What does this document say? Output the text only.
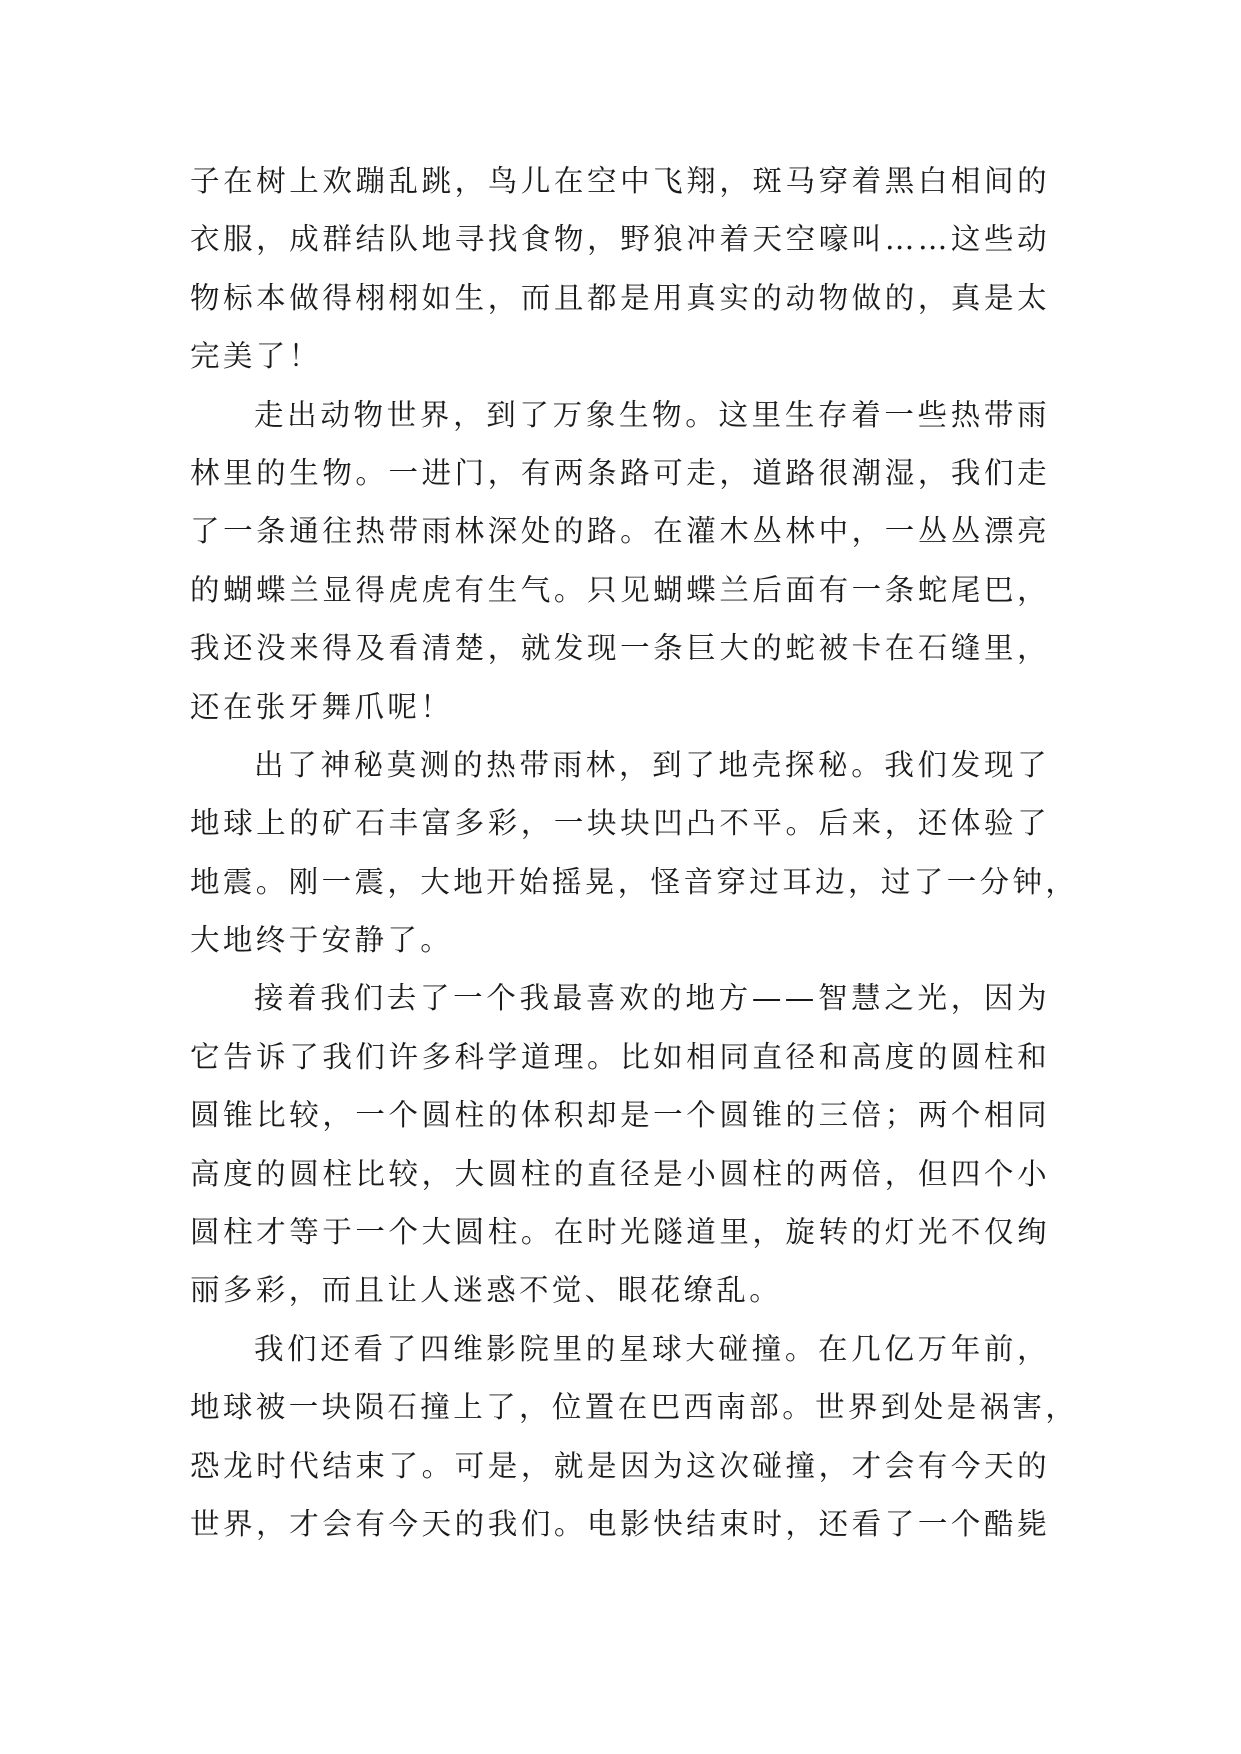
子在树上欢蹦乱跳，鸟儿在空中飞翔，斑马穿着黑白相间的
衣服，成群结队地寻找食物，野狼冲着天空嚎叫……这些动
物标本做得栩栩如生，而且都是用真实的动物做的，真是太
完美了！
走出动物世界，到了万象生物。这里生存着一些热带雨
林里的生物。一进门，有两条路可走，道路很潮湿，我们走
了一条通往热带雨林深处的路。在灌木丛林中，一丛丛漂亮
的蝴蝶兰显得虎虎有生气。只见蝴蝶兰后面有一条蛇尾巴，
我还没来得及看清楚，就发现一条巨大的蛇被卡在石缝里，
还在张牙舞爪呢！
出了神秘莫测的热带雨林，到了地壳探秘。我们发现了
地球上的矿石丰富多彩，一块块凹凸不平。后来，还体验了
地震。刚一震，大地开始摇晃，怪音穿过耳边，过了一分钟，
大地终于安静了。
接着我们去了一个我最喜欢的地方——智慧之光，因为
它告诉了我们许多科学道理。比如相同直径和高度的圆柱和
圆锥比较，一个圆柱的体积却是一个圆锥的三倍；两个相同
高度的圆柱比较，大圆柱的直径是小圆柱的两倍，但四个小
圆柱才等于一个大圆柱。在时光隧道里，旋转的灯光不仅绚
丽多彩，而且让人迷惑不觉、眼花缭乱。
我们还看了四维影院里的星球大碰撞。在几亿万年前，
地球被一块陨石撞上了，位置在巴西南部。世界到处是祸害，
恐龙时代结束了。可是，就是因为这次碰撞，才会有今天的
世界，才会有今天的我们。电影快结束时，还看了一个酷毙
